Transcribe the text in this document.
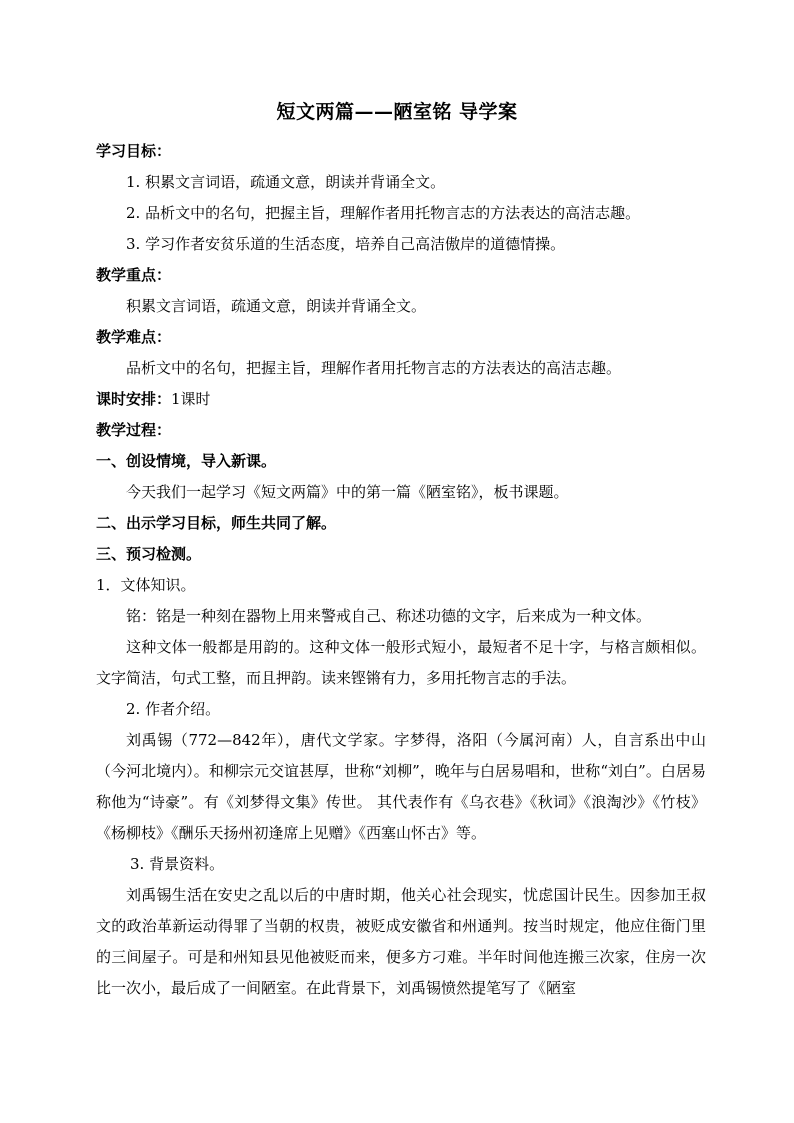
短文两篇——陋室铭 导学案
学习目标：
1. 积累文言词语，疏通文意，朗读并背诵全文。
2. 品析文中的名句，把握主旨，理解作者用托物言志的方法表达的高洁志趣。
3. 学习作者安贫乐道的生活态度，培养自己高洁傲岸的道德情操。
教学重点：
积累文言词语，疏通文意，朗读并背诵全文。
教学难点：
品析文中的名句，把握主旨，理解作者用托物言志的方法表达的高洁志趣。
课时安排：1课时
教学过程：
一、创设情境，导入新课。
今天我们一起学习《短文两篇》中的第一篇《陋室铭》，板书课题。
二、出示学习目标，师生共同了解。
三、预习检测。
1．文体知识。
铭：铭是一种刻在器物上用来警戒自己、称述功德的文字，后来成为一种文体。
这种文体一般都是用韵的。这种文体一般形式短小，最短者不足十字，与格言颇相似。文字简洁，句式工整，而且押韵。读来铿锵有力，多用托物言志的手法。
2. 作者介绍。
刘禹锡（772—842年），唐代文学家。字梦得，洛阳（今属河南）人，自言系出中山（今河北境内）。和柳宗元交谊甚厚，世称“刘柳”，晚年与白居易唱和，世称“刘白”。白居易称他为“诗豪”。有《刘梦得文集》传世。 其代表作有《乌衣巷》《秋词》《浪淘沙》《竹枝》《杨柳枝》《酬乐天扬州初逢席上见赠》《西塞山怀古》等。
3. 背景资料。
刘禹锡生活在安史之乱以后的中唐时期，他关心社会现实，忧虑国计民生。因参加王叔文的政治革新运动得罪了当朝的权贵，被贬成安徽省和州通判。按当时规定，他应住衙门里的三间屋子。可是和州知县见他被贬而来，便多方刁难。半年时间他连搬三次家，住房一次比一次小，最后成了一间陋室。在此背景下，刘禹锡愤然提笔写了《陋室
